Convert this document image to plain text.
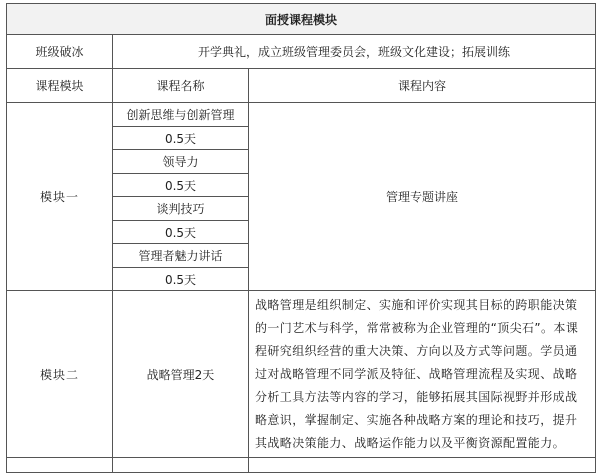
面授课程模块		
班级破冰	开学典礼，成立班级管理委员会，班级文化建设；拓展训练	
课程模块	课程名称	课程内容
模块一	创新思维与创新管理	管理专题讲座
	0.5天	
	领导力	
	0.5天	
	谈判技巧	
	0.5天	
	管理者魅力讲话	
	0.5天	
模块二	战略管理2天	战略管理是组织制定、实施和评价实现其目标的跨职能决策的一门艺术与科学，常常被称为企业管理的“顶尖石”。本课程研究组织经营的重大决策、方向以及方式等问题。学员通过对战略管理不同学派及特征、战略管理流程及实现、战略分析工具方法等内容的学习，能够拓展其国际视野并形成战略意识，掌握制定、实施各种战略方案的理论和技巧，提升其战略决策能力、战略运作能力以及平衡资源配置能力。
